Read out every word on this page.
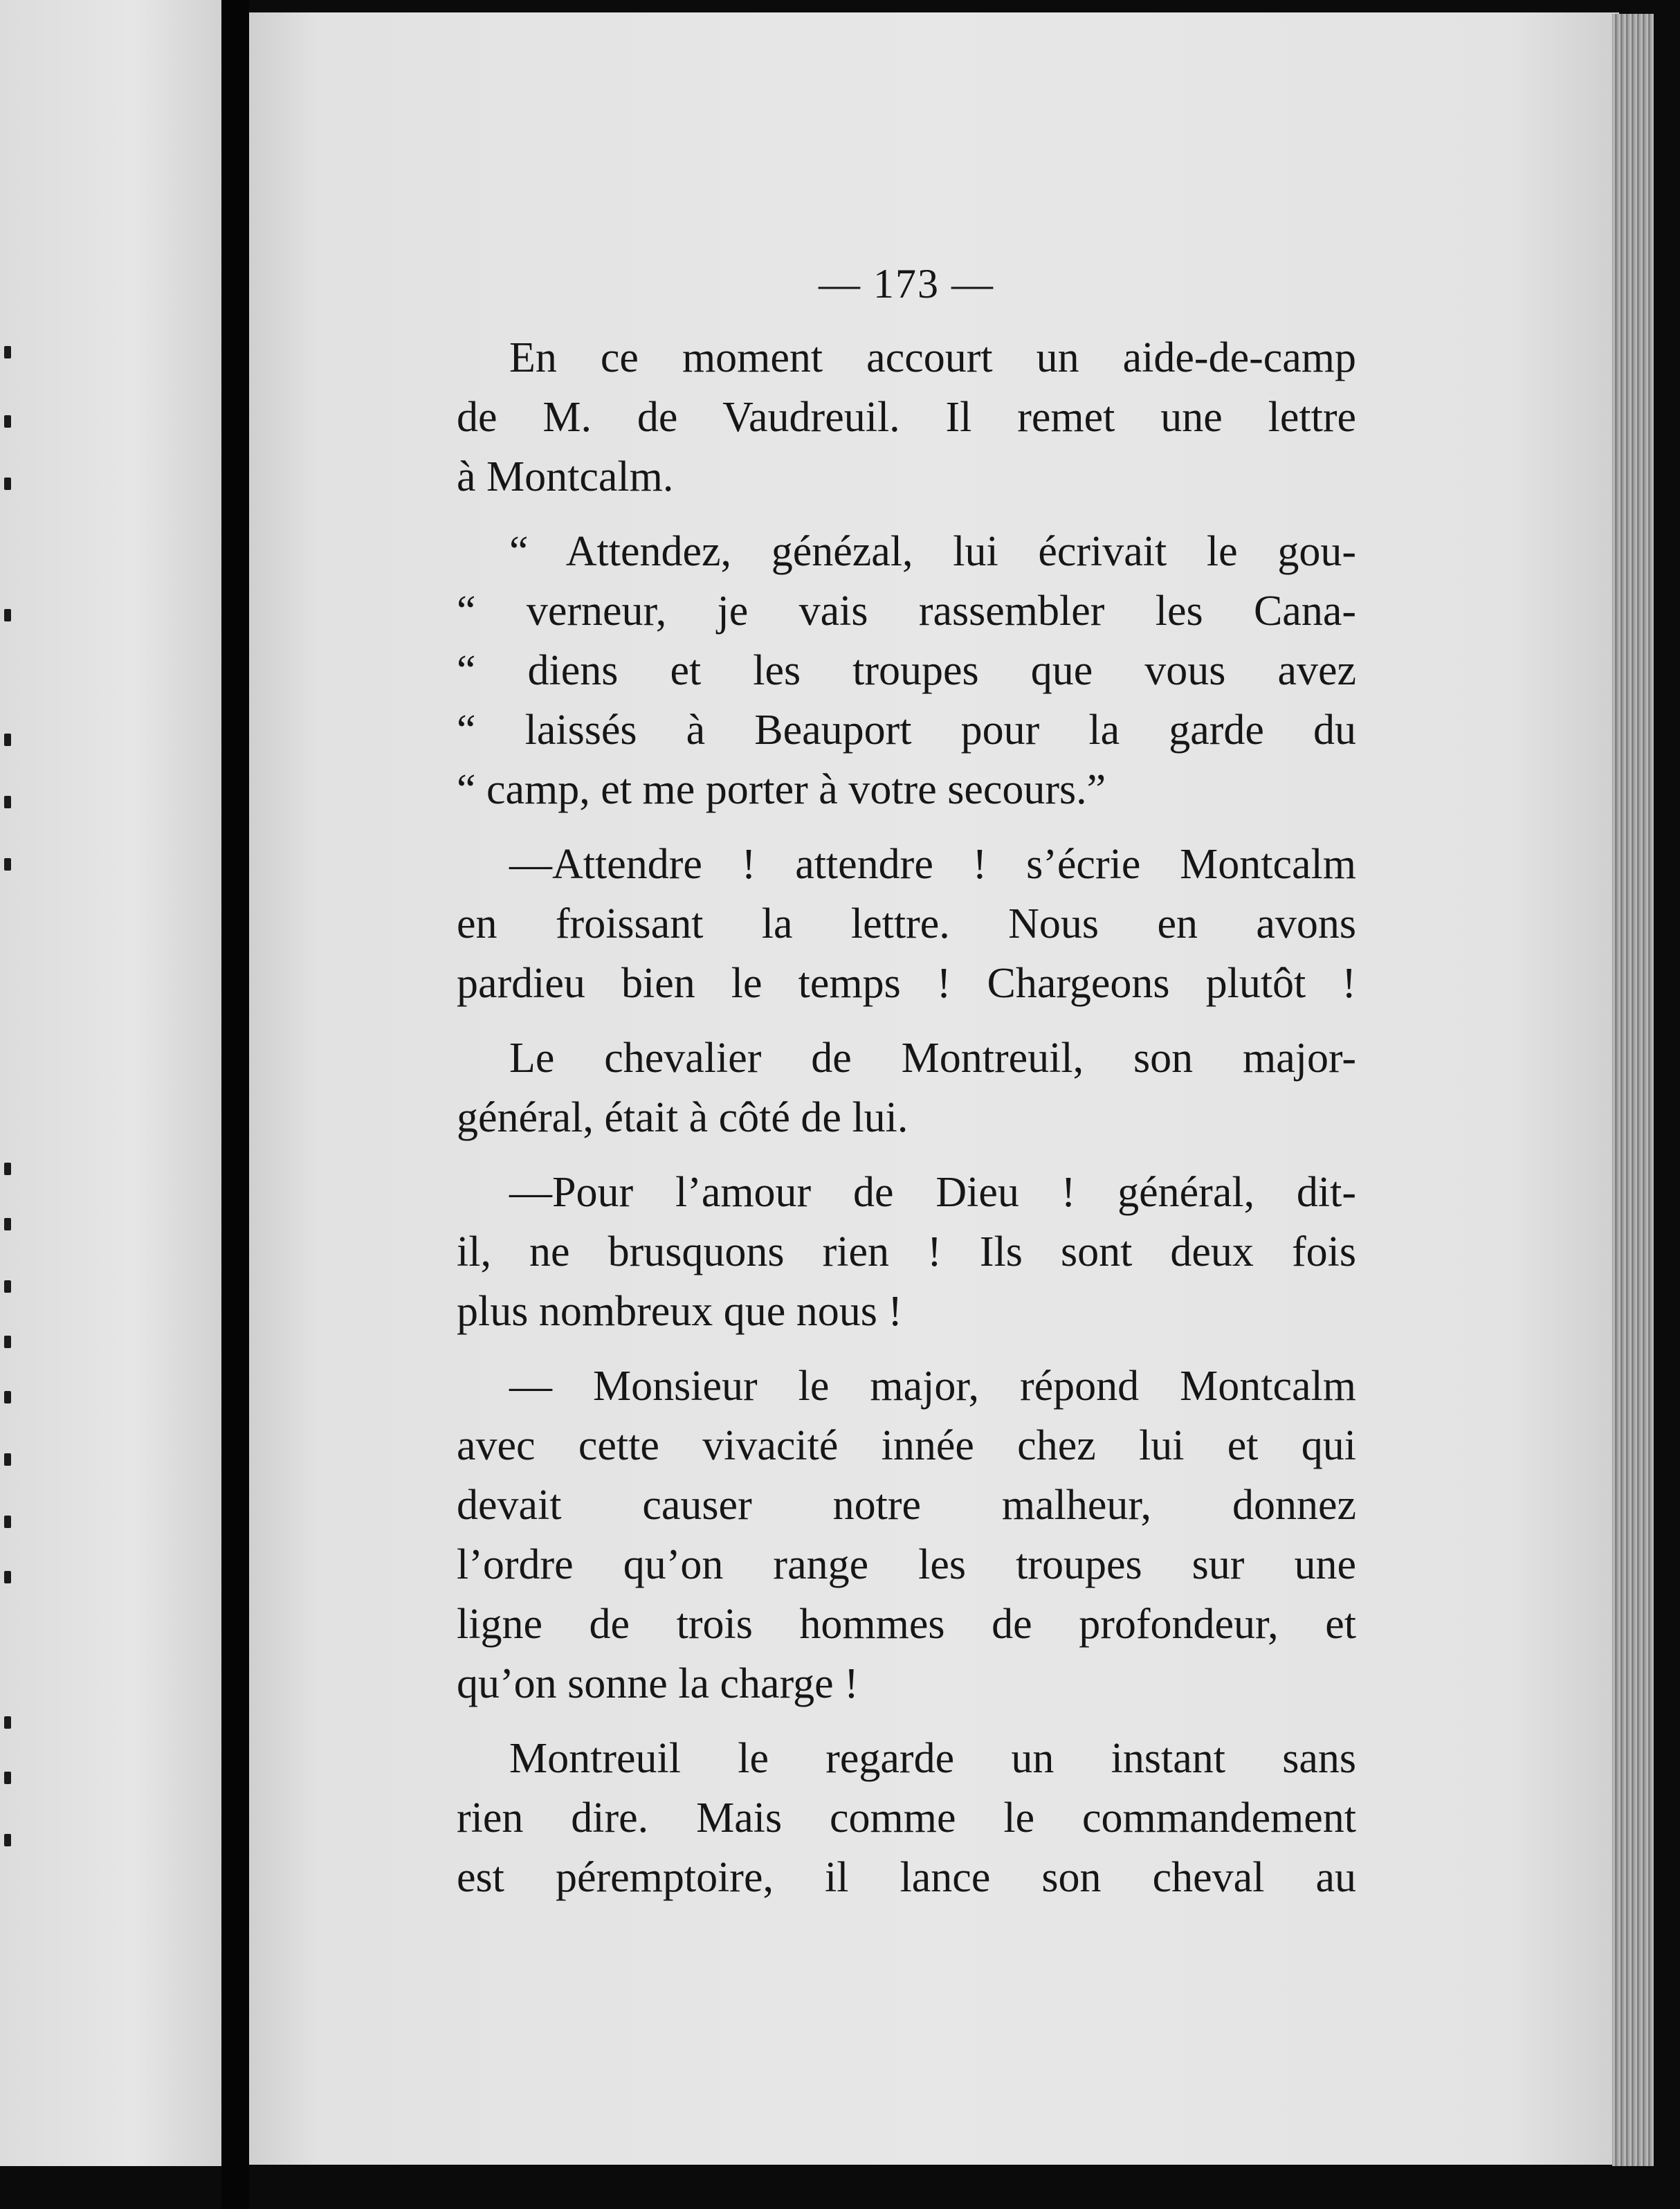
— 173 —
En ce moment accourt un aide-de-camp
de M. de Vaudreuil. Il remet une lettre
à Montcalm.
“ Attendez, génézal, lui écrivait le gou-
“ verneur, je vais rassembler les Cana-
“ diens et les troupes que vous avez
“ laissés à Beauport pour la garde du
“ camp, et me porter à votre secours.”
—Attendre ! attendre ! s’écrie Montcalm
en froissant la lettre. Nous en avons
pardieu bien le temps ! Chargeons plutôt !
Le chevalier de Montreuil, son major-
général, était à côté de lui.
—Pour l’amour de Dieu ! général, dit-
il, ne brusquons rien ! Ils sont deux fois
plus nombreux que nous !
— Monsieur le major, répond Montcalm
avec cette vivacité innée chez lui et qui
devait causer notre malheur, donnez
l’ordre qu’on range les troupes sur une
ligne de trois hommes de profondeur, et
qu’on sonne la charge !
Montreuil le regarde un instant sans
rien dire. Mais comme le commandement
est péremptoire, il lance son cheval au
